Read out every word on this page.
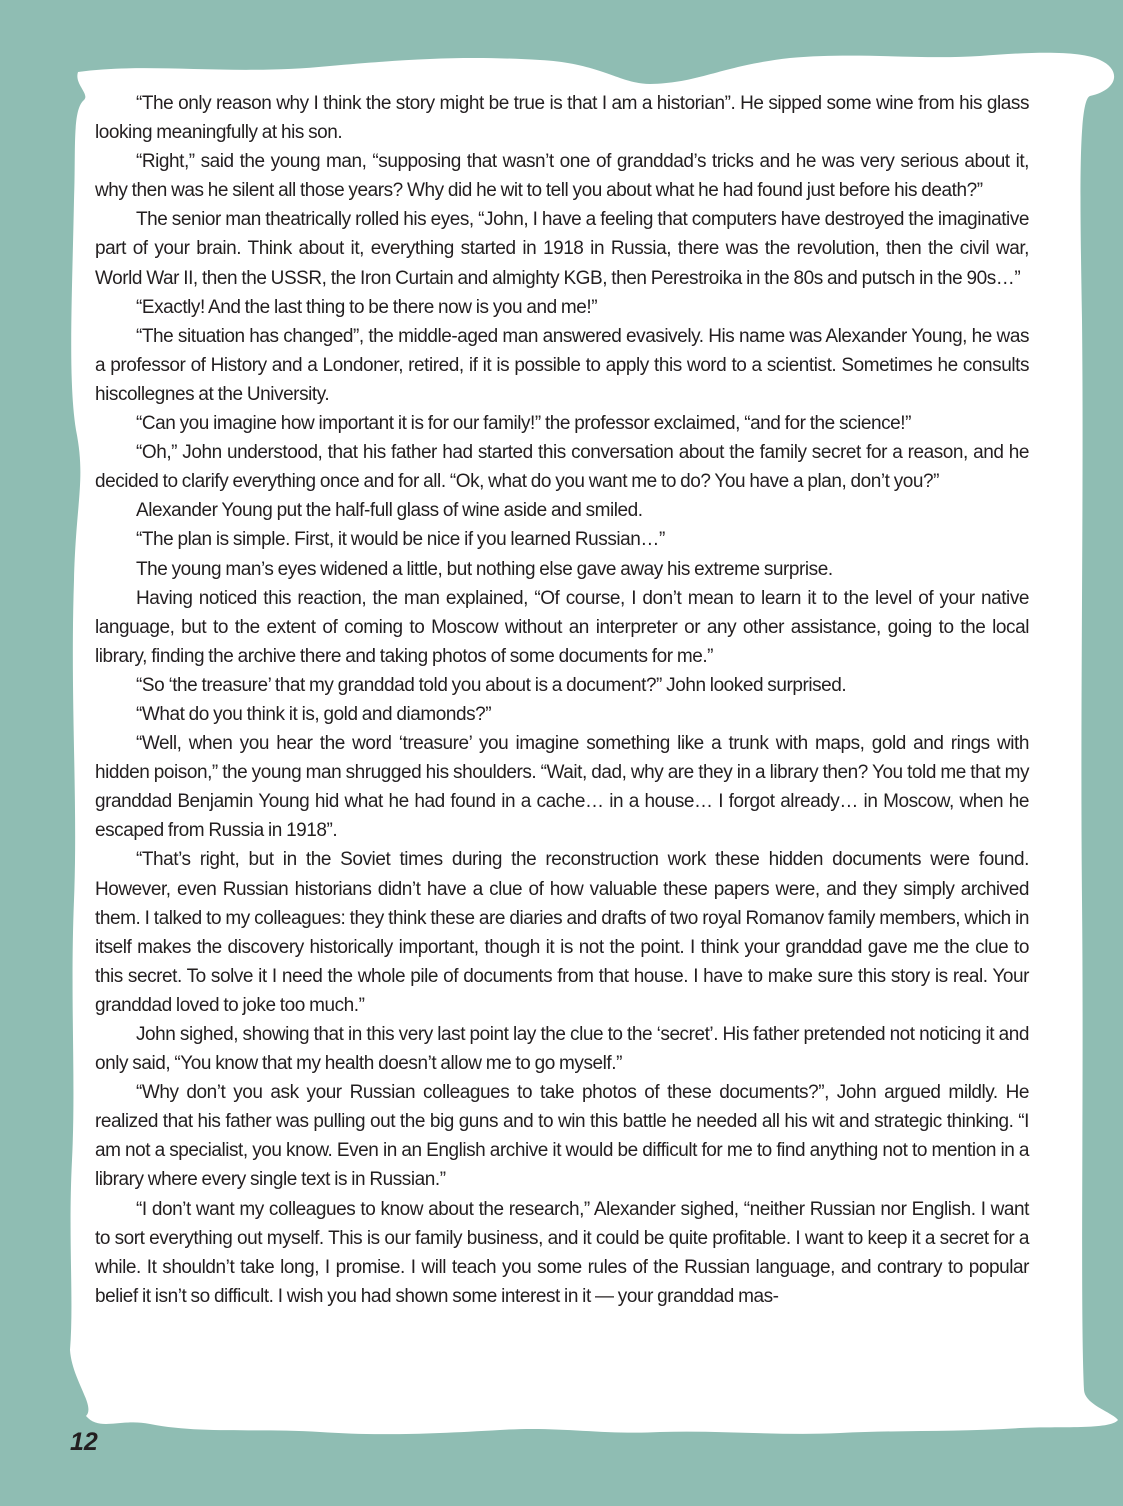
“The only reason why I think the story might be true is that I am a historian”. He sipped some wine from his glass looking meaningfully at his son.

“Right,” said the young man, “supposing that wasn’t one of granddad’s tricks and he was very serious about it, why then was he silent all those years? Why did he wit to tell you about what he had found just before his death?”

The senior man theatrically rolled his eyes, “John, I have a feeling that computers have destroyed the imaginative part of your brain. Think about it, everything started in 1918 in Russia, there was the revolution, then the civil war, World War II, then the USSR, the Iron Curtain and almighty KGB, then Perestroika in the 80s and putsch in the 90s…”

“Exactly! And the last thing to be there now is you and me!”

“The situation has changed”, the middle-aged man answered evasively. His name was Alexander Young, he was a professor of History and a Londoner, retired, if it is possible to apply this word to a scientist. Sometimes he consults hiscollegnes at the University.

“Can you imagine how important it is for our family!” the professor exclaimed, “and for the science!”

“Oh,” John understood, that his father had started this conversation about the family secret for a reason, and he decided to clarify everything once and for all. “Ok, what do you want me to do? You have a plan, don’t you?”

Alexander Young put the half-full glass of wine aside and smiled.

“The plan is simple. First, it would be nice if you learned Russian…”

The young man’s eyes widened a little, but nothing else gave away his extreme surprise.

Having noticed this reaction, the man explained, “Of course, I don’t mean to learn it to the level of your native language, but to the extent of coming to Moscow without an interpreter or any other assistance, going to the local library, finding the archive there and taking photos of some documents for me.”

“So ‘the treasure’ that my granddad told you about is a document?” John looked surprised.

“What do you think it is, gold and diamonds?”

“Well, when you hear the word ‘treasure’ you imagine something like a trunk with maps, gold and rings with hidden poison,” the young man shrugged his shoulders. “Wait, dad, why are they in a library then? You told me that my granddad Benjamin Young hid what he had found in a cache… in a house… I forgot already… in Moscow, when he escaped from Russia in 1918”.

“That’s right, but in the Soviet times during the reconstruction work these hidden documents were found. However, even Russian historians didn’t have a clue of how valuable these papers were, and they simply archived them. I talked to my colleagues: they think these are diaries and drafts of two royal Romanov family members, which in itself makes the discovery historically important, though it is not the point. I think your granddad gave me the clue to this secret. To solve it I need the whole pile of documents from that house. I have to make sure this story is real. Your granddad loved to joke too much.”

John sighed, showing that in this very last point lay the clue to the ‘secret’. His father pretended not noticing it and only said, “You know that my health doesn’t allow me to go myself.”

“Why don’t you ask your Russian colleagues to take photos of these documents?”, John argued mildly. He realized that his father was pulling out the big guns and to win this battle he needed all his wit and strategic thinking. “I am not a specialist, you know. Even in an English archive it would be difficult for me to find anything not to mention in a library where every single text is in Russian.”

“I don’t want my colleagues to know about the research,” Alexander sighed, “neither Russian nor English. I want to sort everything out myself. This is our family business, and it could be quite profitable. I want to keep it a secret for a while. It shouldn’t take long, I promise. I will teach you some rules of the Russian language, and contrary to popular belief it isn’t so difficult. I wish you had shown some interest in it — your granddad mas-

12
